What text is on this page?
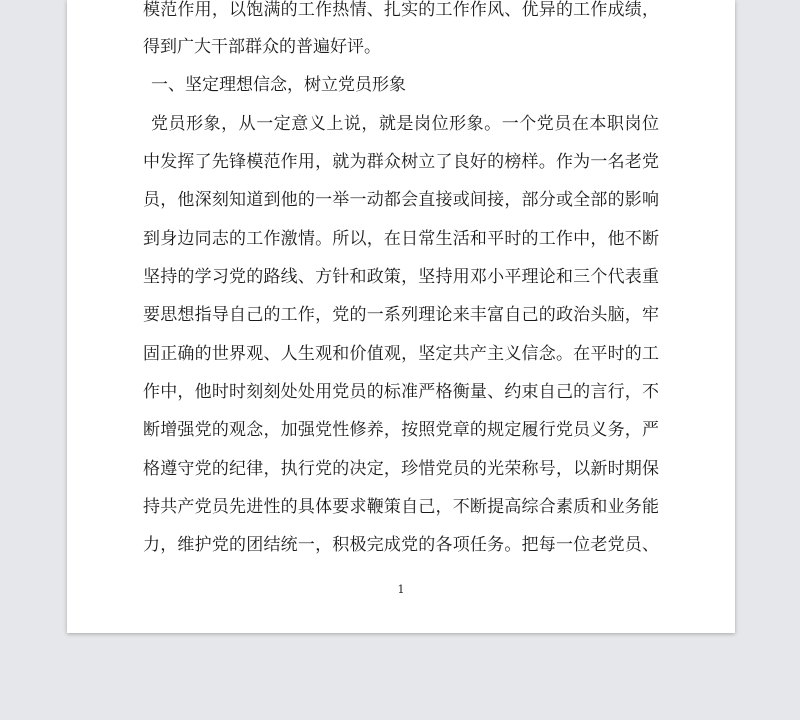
模范作用，以饱满的工作热情、扎实的工作作风、优异的工作成绩，

得到广大干部群众的普遍好评。

一、坚定理想信念，树立党员形象

党员形象，从一定意义上说，就是岗位形象。一个党员在本职岗位

中发挥了先锋模范作用，就为群众树立了良好的榜样。作为一名老党

员，他深刻知道到他的一举一动都会直接或间接，部分或全部的影响

到身边同志的工作激情。所以，在日常生活和平时的工作中，他不断

坚持的学习党的路线、方针和政策，坚持用邓小平理论和三个代表重

要思想指导自己的工作，党的一系列理论来丰富自己的政治头脑，牢

固正确的世界观、人生观和价值观，坚定共产主义信念。在平时的工

作中，他时时刻刻处处用党员的标准严格衡量、约束自己的言行，不

断增强党的观念，加强党性修养，按照党章的规定履行党员义务，严

格遵守党的纪律，执行党的决定，珍惜党员的光荣称号，以新时期保

持共产党员先进性的具体要求鞭策自己，不断提高综合素质和业务能

力，维护党的团结统一，积极完成党的各项任务。把每一位老党员、

1
